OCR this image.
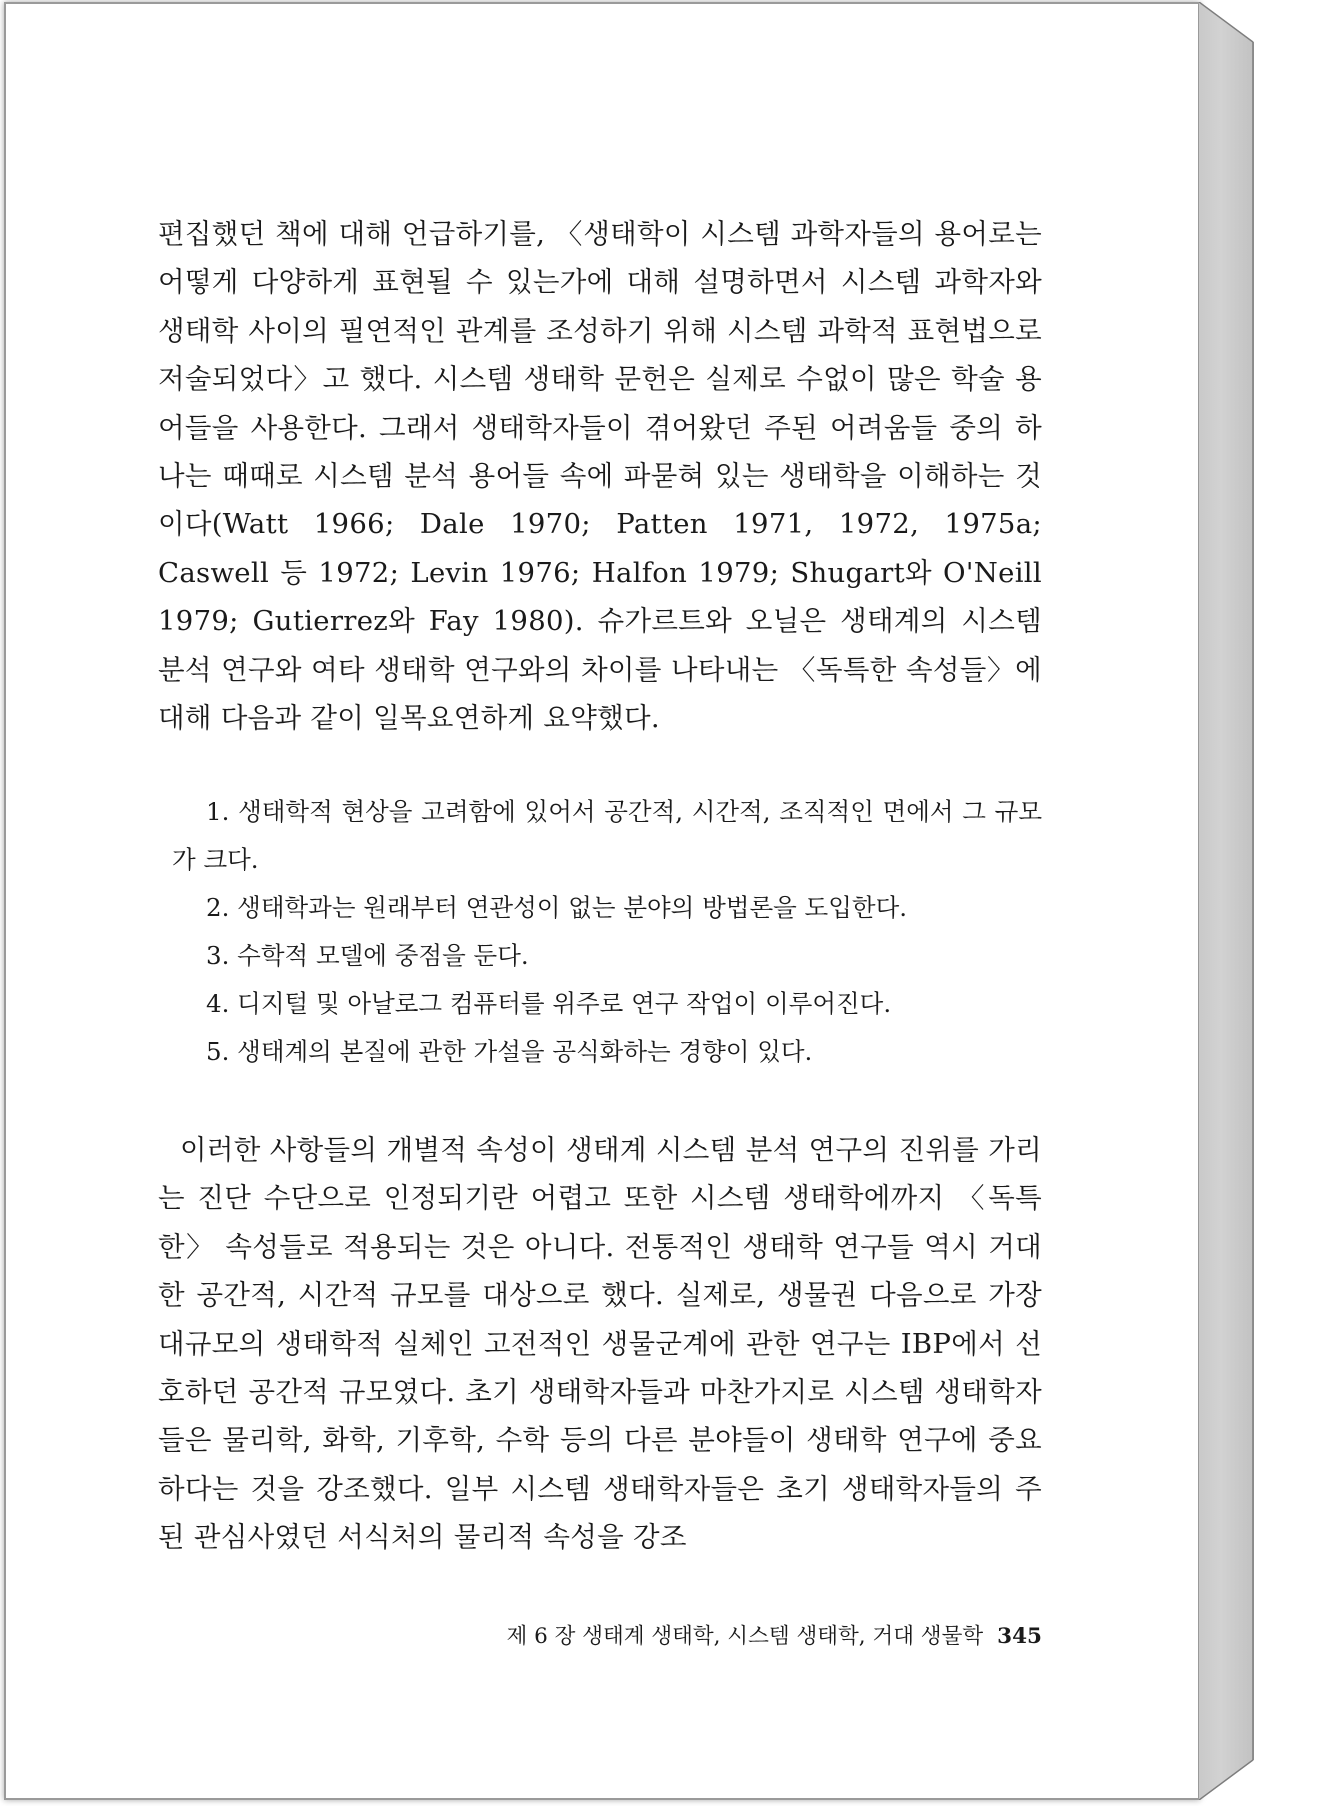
편집했던 책에 대해 언급하기를, 〈생태학이 시스템 과학자들의 용어로는 어떻게 다양하게 표현될 수 있는가에 대해 설명하면서 시스템 과학자와 생태학 사이의 필연적인 관계를 조성하기 위해 시스템 과학적 표현법으로 저술되었다〉고 했다. 시스템 생태학 문헌은 실제로 수없이 많은 학술 용어들을 사용한다. 그래서 생태학자들이 겪어왔던 주된 어려움들 중의 하나는 때때로 시스템 분석 용어들 속에 파묻혀 있는 생태학을 이해하는 것이다(Watt 1966; Dale 1970; Patten 1971, 1972, 1975a; Caswell 등 1972; Levin 1976; Halfon 1979; Shugart와 O'Neill 1979; Gutierrez와 Fay 1980). 슈가르트와 오닐은 생태계의 시스템 분석 연구와 여타 생태학 연구와의 차이를 나타내는 〈독특한 속성들〉에 대해 다음과 같이 일목요연하게 요약했다.

1. 생태학적 현상을 고려함에 있어서 공간적, 시간적, 조직적인 면에서 그 규모가 크다.
2. 생태학과는 원래부터 연관성이 없는 분야의 방법론을 도입한다.
3. 수학적 모델에 중점을 둔다.
4. 디지털 및 아날로그 컴퓨터를 위주로 연구 작업이 이루어진다.
5. 생태계의 본질에 관한 가설을 공식화하는 경향이 있다.

이러한 사항들의 개별적 속성이 생태계 시스템 분석 연구의 진위를 가리는 진단 수단으로 인정되기란 어렵고 또한 시스템 생태학에까지 〈독특한〉 속성들로 적용되는 것은 아니다. 전통적인 생태학 연구들 역시 거대한 공간적, 시간적 규모를 대상으로 했다. 실제로, 생물권 다음으로 가장 대규모의 생태학적 실체인 고전적인 생물군계에 관한 연구는 IBP에서 선호하던 공간적 규모였다. 초기 생태학자들과 마찬가지로 시스템 생태학자들은 물리학, 화학, 기후학, 수학 등의 다른 분야들이 생태학 연구에 중요하다는 것을 강조했다. 일부 시스템 생태학자들은 초기 생태학자들의 주된 관심사였던 서식처의 물리적 속성을 강조

제 6 장 생태계 생태학, 시스템 생태학, 거대 생물학 345
